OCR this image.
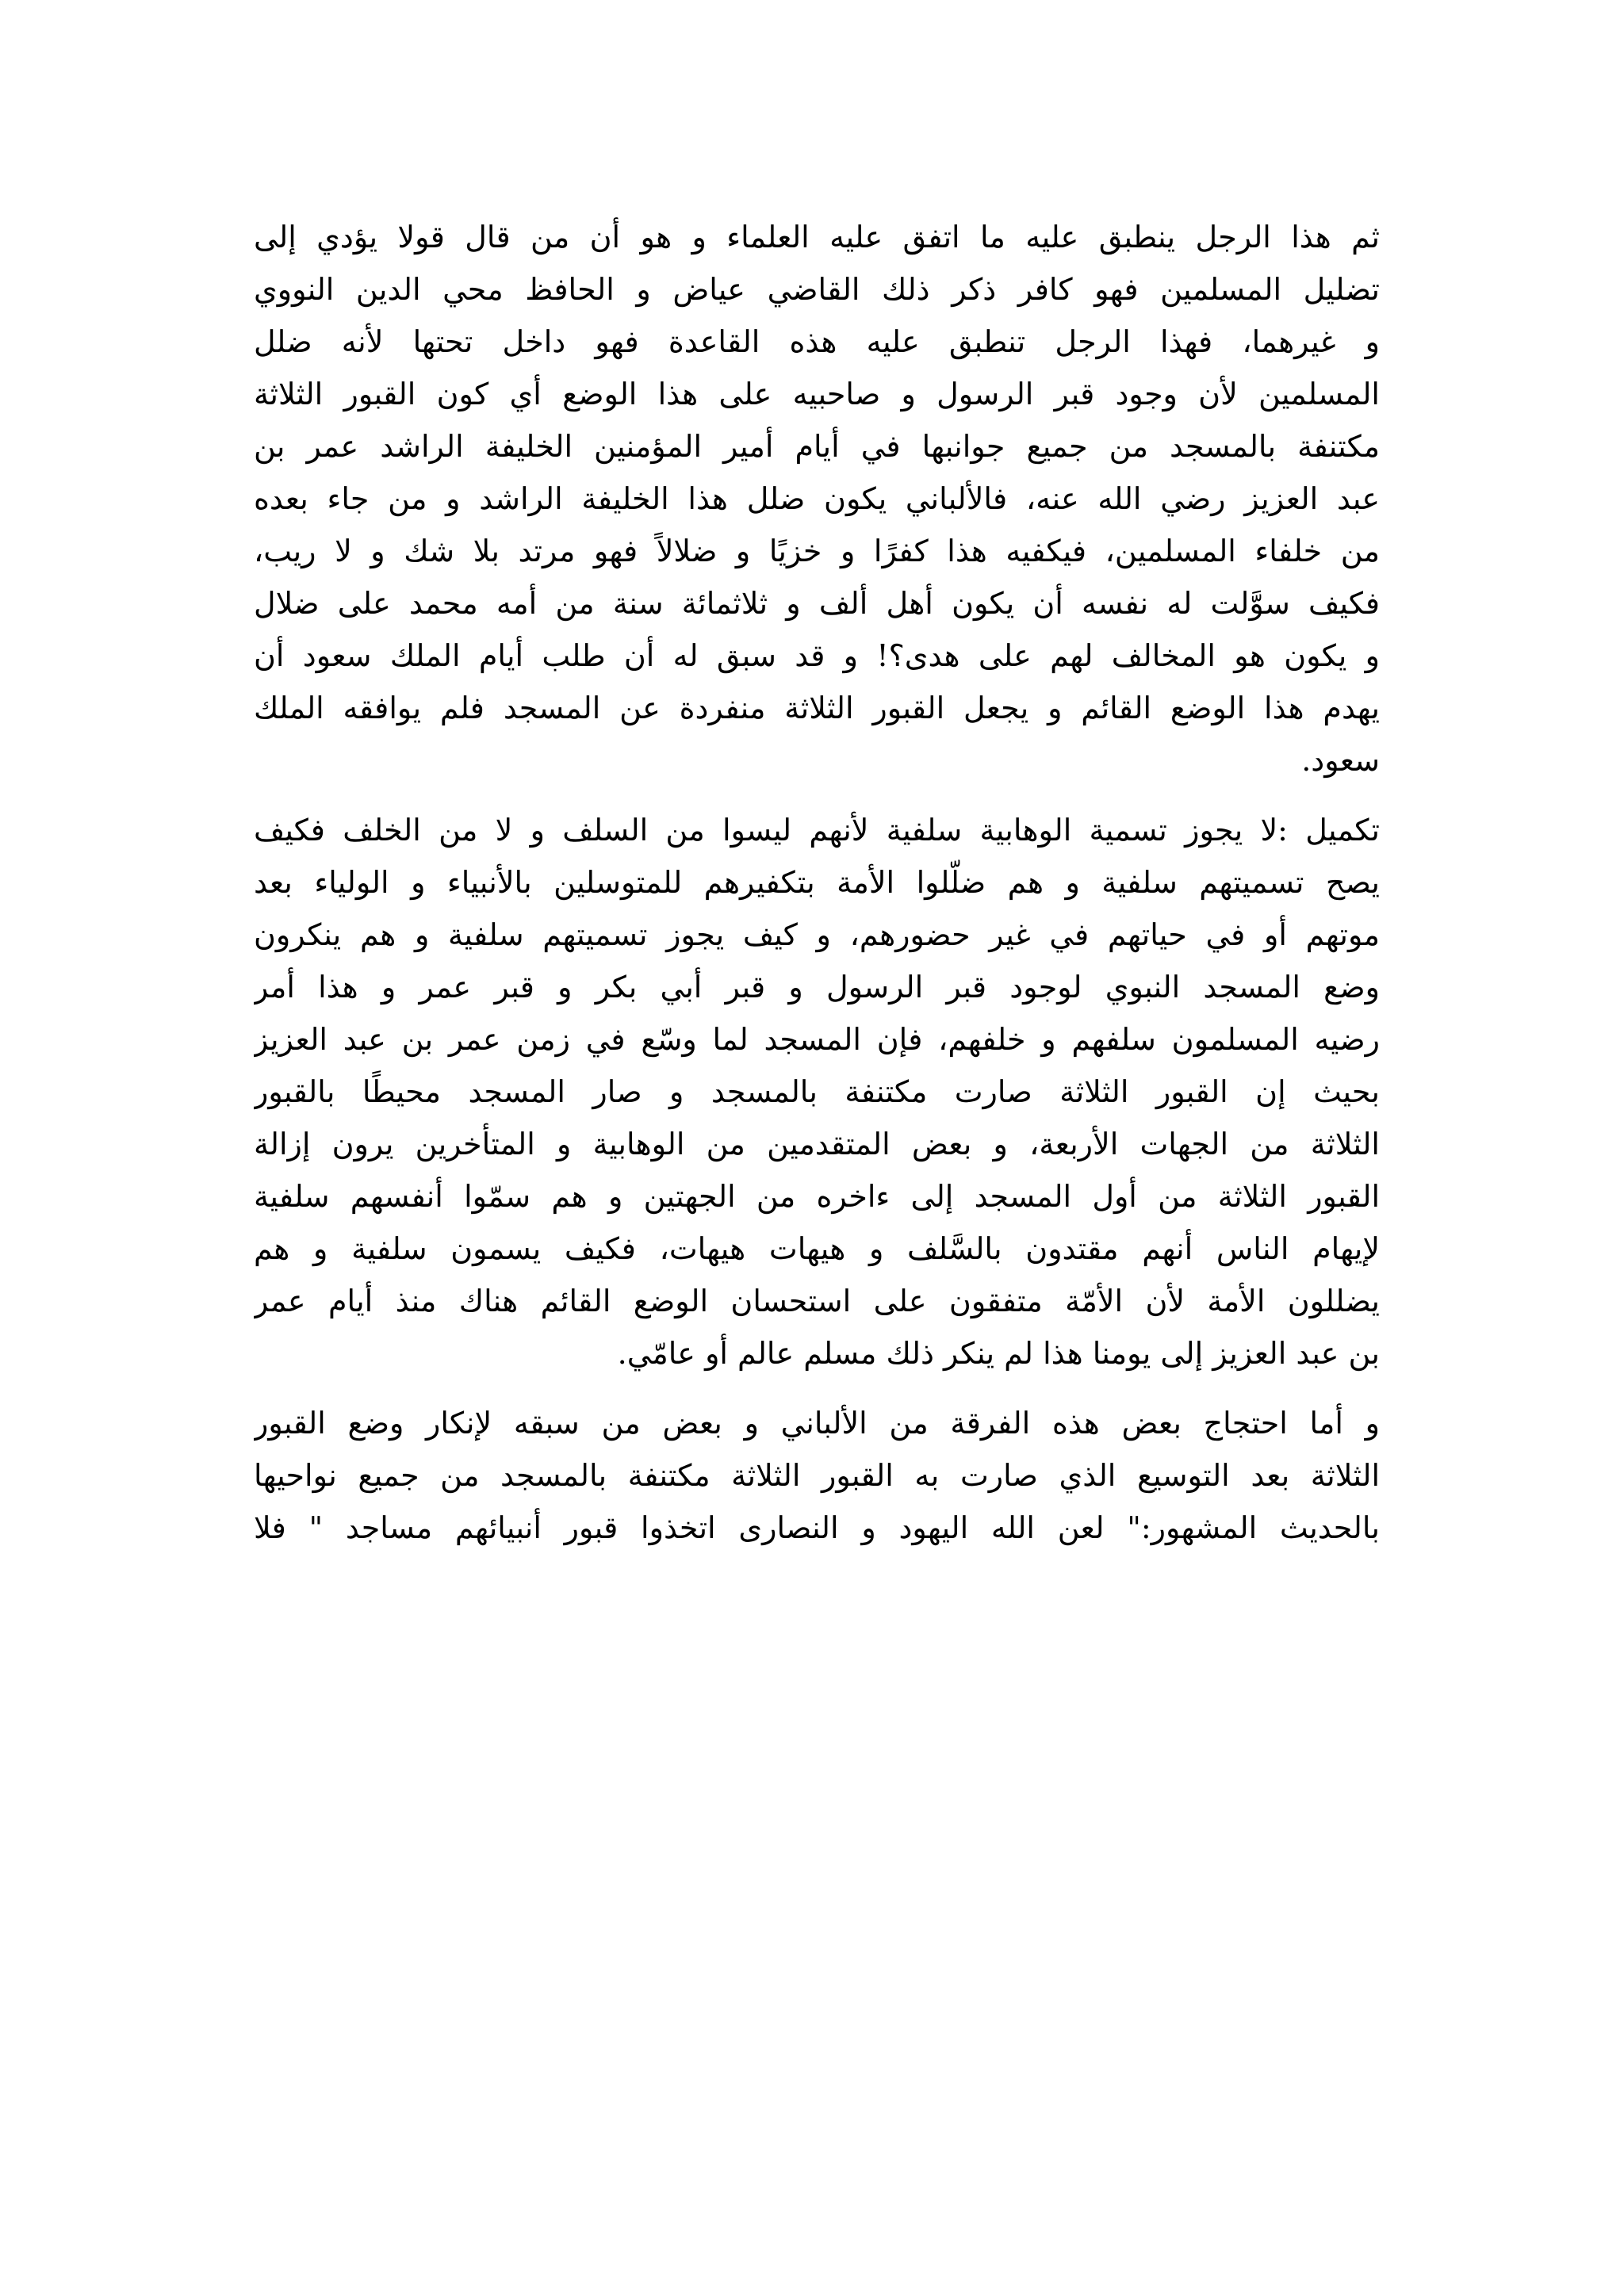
ثم هذا الرجل ينطبق عليه ما اتفق عليه العلماء و هو أن من قال قولا يؤدي إلى
تضليل المسلمين فهو كافر ذكر ذلك القاضي عياض و الحافظ محي الدين النووي
و غيرهما، فهذا الرجل تنطبق عليه هذه القاعدة فهو داخل تحتها لأنه ضلل
المسلمين لأن وجود قبر الرسول و صاحبيه على هذا الوضع أي كون القبور الثلاثة
مكتنفة بالمسجد من جميع جوانبها في أيام أمير المؤمنين الخليفة الراشد عمر بن
عبد العزيز رضي الله عنه، فالألباني يكون ضلل هذا الخليفة الراشد و من جاء بعده
من خلفاء المسلمين، فيكفيه هذا كفرًا و خزيًا و ضلالاً فهو مرتد بلا شك و لا ريب،
فكيف سوَّلت له نفسه أن يكون أهل ألف و ثلاثمائة سنة من أمه محمد على ضلال
و يكون هو المخالف لهم على هدى؟! و قد سبق له أن طلب أيام الملك سعود أن
يهدم هذا الوضع القائم و يجعل القبور الثلاثة منفردة عن المسجد فلم يوافقه الملك
سعود.
تكميل :لا يجوز تسمية الوهابية سلفية لأنهم ليسوا من السلف و لا من الخلف فكيف
يصح تسميتهم سلفية و هم ضلّلوا الأمة بتكفيرهم للمتوسلين بالأنبياء و الولياء بعد
موتهم أو في حياتهم في غير حضورهم، و كيف يجوز تسميتهم سلفية و هم ينكرون
وضع المسجد النبوي لوجود قبر الرسول و قبر أبي بكر و قبر عمر و هذا أمر
رضيه المسلمون سلفهم و خلفهم، فإن المسجد لما وسّع في زمن عمر بن عبد العزيز
بحيث إن القبور الثلاثة صارت مكتنفة بالمسجد و صار المسجد محيطًا بالقبور
الثلاثة من الجهات الأربعة، و بعض المتقدمين من الوهابية و المتأخرين يرون إزالة
القبور الثلاثة من أول المسجد إلى ءاخره من الجهتين و هم سمّوا أنفسهم سلفية
لإيهام الناس أنهم مقتدون بالسَّلف و هيهات هيهات، فكيف يسمون سلفية و هم
يضللون الأمة لأن الأمّة متفقون على استحسان الوضع القائم هناك منذ أيام عمر
بن عبد العزيز إلى يومنا هذا لم ينكر ذلك مسلم عالم أو عامّي.
و أما احتجاج بعض هذه الفرقة من الألباني و بعض من سبقه لإنكار وضع القبور
الثلاثة بعد التوسيع الذي صارت به القبور الثلاثة مكتنفة بالمسجد من جميع نواحيها
بالحديث المشهور:" لعن الله اليهود و النصارى اتخذوا قبور أنبيائهم مساجد " فلا
